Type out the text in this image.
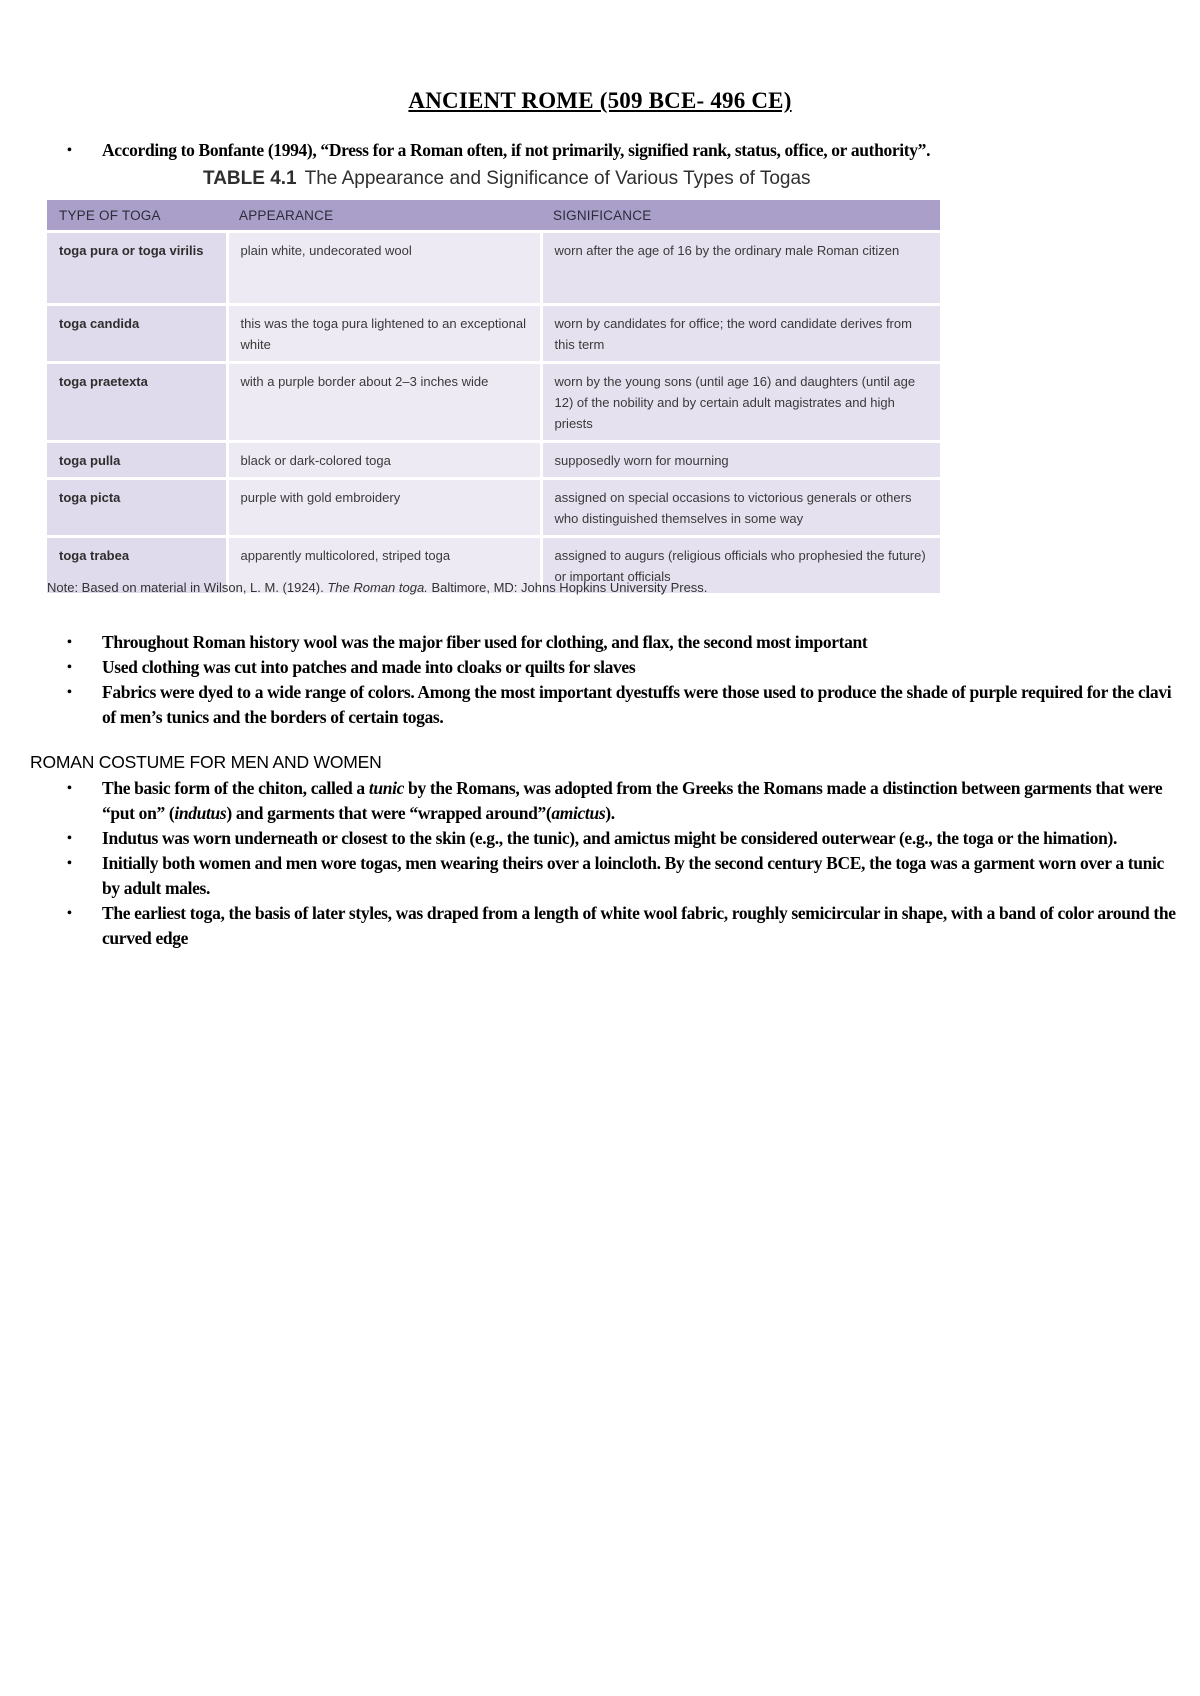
ANCIENT ROME (509 BCE- 496 CE)
• According to Bonfante (1994), “Dress for a Roman often, if not primarily, signified rank, status, office, or authority”.
TABLE 4.1 The Appearance and Significance of Various Types of Togas
TYPE OF TOGA	APPEARANCE	SIGNIFICANCE
toga pura or toga virilis	plain white, undecorated wool	worn after the age of 16 by the ordinary male Roman citizen
toga candida	this was the toga pura lightened to an exceptional white	worn by candidates for office; the word candidate derives from this term
toga praetexta	with a purple border about 2–3 inches wide	worn by the young sons (until age 16) and daughters (until age 12) of the nobility and by certain adult magistrates and high priests
toga pulla	black or dark-colored toga	supposedly worn for mourning
toga picta	purple with gold embroidery	assigned on special occasions to victorious generals or others who distinguished themselves in some way
toga trabea	apparently multicolored, striped toga	assigned to augurs (religious officials who prophesied the future) or important officials
Note: Based on material in Wilson, L. M. (1924). The Roman toga. Baltimore, MD: Johns Hopkins University Press.
• Throughout Roman history wool was the major fiber used for clothing, and flax, the second most important
• Used clothing was cut into patches and made into cloaks or quilts for slaves
• Fabrics were dyed to a wide range of colors. Among the most important dyestuffs were those used to produce the shade of purple required for the clavi of men’s tunics and the borders of certain togas.
ROMAN COSTUME FOR MEN AND WOMEN
• The basic form of the chiton, called a tunic by the Romans, was adopted from the Greeks the Romans made a distinction between garments that were “put on” (indutus) and garments that were “wrapped around”(amictus).
• Indutus was worn underneath or closest to the skin (e.g., the tunic), and amictus might be considered outerwear (e.g., the toga or the himation).
• Initially both women and men wore togas, men wearing theirs over a loincloth. By the second century BCE, the toga was a garment worn over a tunic by adult males.
• The earliest toga, the basis of later styles, was draped from a length of white wool fabric, roughly semicircular in shape, with a band of color around the curved edge
